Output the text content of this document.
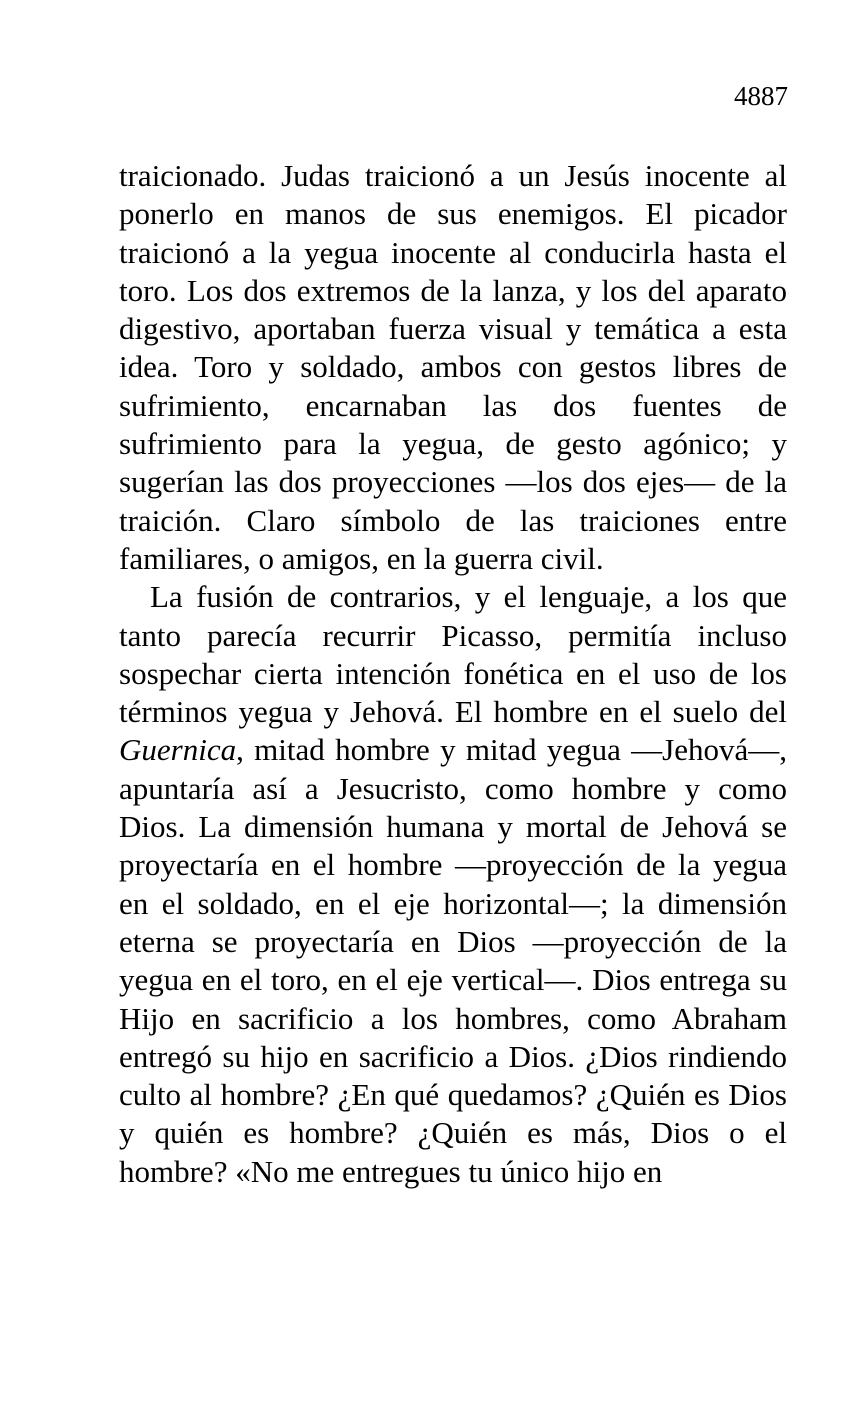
4887

traicionado. Judas traicionó a un Jesús inocente al ponerlo en manos de sus enemigos. El picador traicionó a la yegua inocente al conducirla hasta el toro. Los dos extremos de la lanza, y los del aparato digestivo, aportaban fuerza visual y temática a esta idea. Toro y soldado, ambos con gestos libres de sufrimiento, encarnaban las dos fuentes de sufrimiento para la yegua, de gesto agónico; y sugerían las dos proyecciones —los dos ejes— de la traición. Claro símbolo de las traiciones entre familiares, o amigos, en la guerra civil.

La fusión de contrarios, y el lenguaje, a los que tanto parecía recurrir Picasso, permitía incluso sospechar cierta intención fonética en el uso de los términos yegua y Jehová. El hombre en el suelo del Guernica, mitad hombre y mitad yegua —Jehová—, apuntaría así a Jesucristo, como hombre y como Dios. La dimensión humana y mortal de Jehová se proyectaría en el hombre —proyección de la yegua en el soldado, en el eje horizontal—; la dimensión eterna se proyectaría en Dios —proyección de la yegua en el toro, en el eje vertical—. Dios entrega su Hijo en sacrificio a los hombres, como Abraham entregó su hijo en sacrificio a Dios. ¿Dios rindiendo culto al hombre? ¿En qué quedamos? ¿Quién es Dios y quién es hombre? ¿Quién es más, Dios o el hombre? «No me entregues tu único hijo en
